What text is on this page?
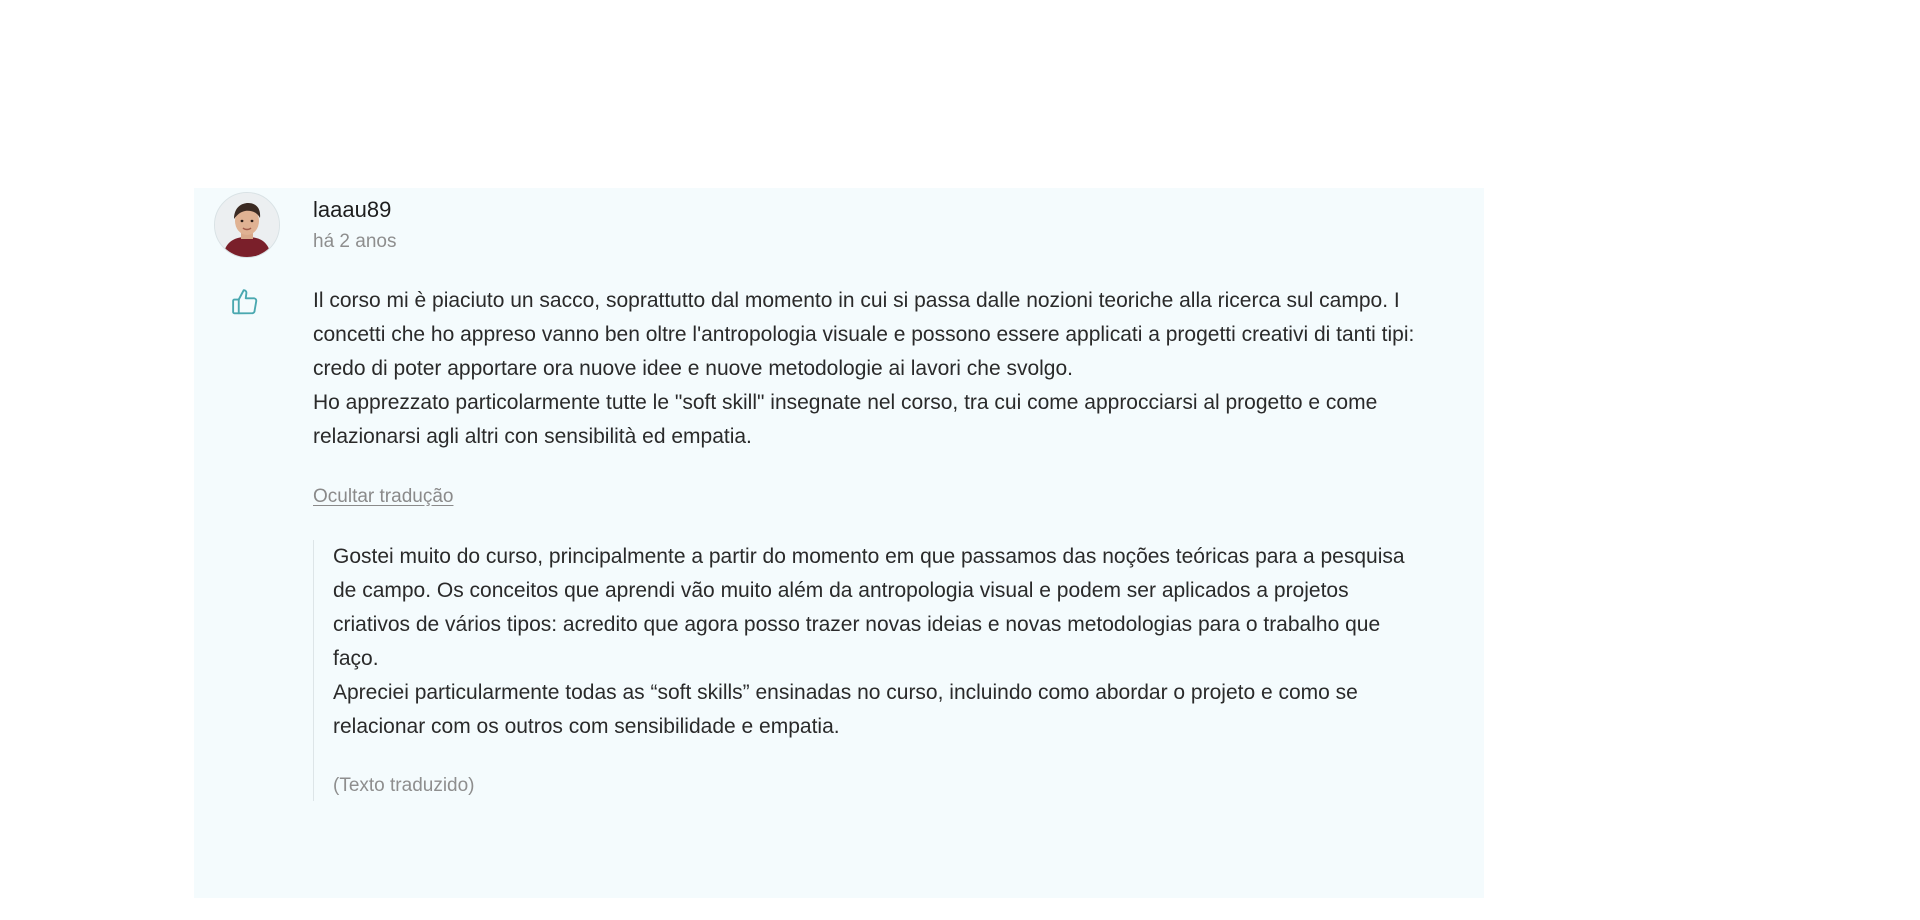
laaau89
há 2 anos

Il corso mi è piaciuto un sacco, soprattutto dal momento in cui si passa dalle nozioni teoriche alla ricerca sul campo. I concetti che ho appreso vanno ben oltre l'antropologia visuale e possono essere applicati a progetti creativi di tanti tipi: credo di poter apportare ora nuove idee e nuove metodologie ai lavori che svolgo.

Ho apprezzato particolarmente tutte le "soft skill" insegnate nel corso, tra cui come approcciarsi al progetto e come relazionarsi agli altri con sensibilità ed empatia.

Ocultar tradução

Gostei muito do curso, principalmente a partir do momento em que passamos das noções teóricas para a pesquisa de campo. Os conceitos que aprendi vão muito além da antropologia visual e podem ser aplicados a projetos criativos de vários tipos: acredito que agora posso trazer novas ideias e novas metodologias para o trabalho que faço.

Apreciei particularmente todas as “soft skills” ensinadas no curso, incluindo como abordar o projeto e como se relacionar com os outros com sensibilidade e empatia.

(Texto traduzido)
